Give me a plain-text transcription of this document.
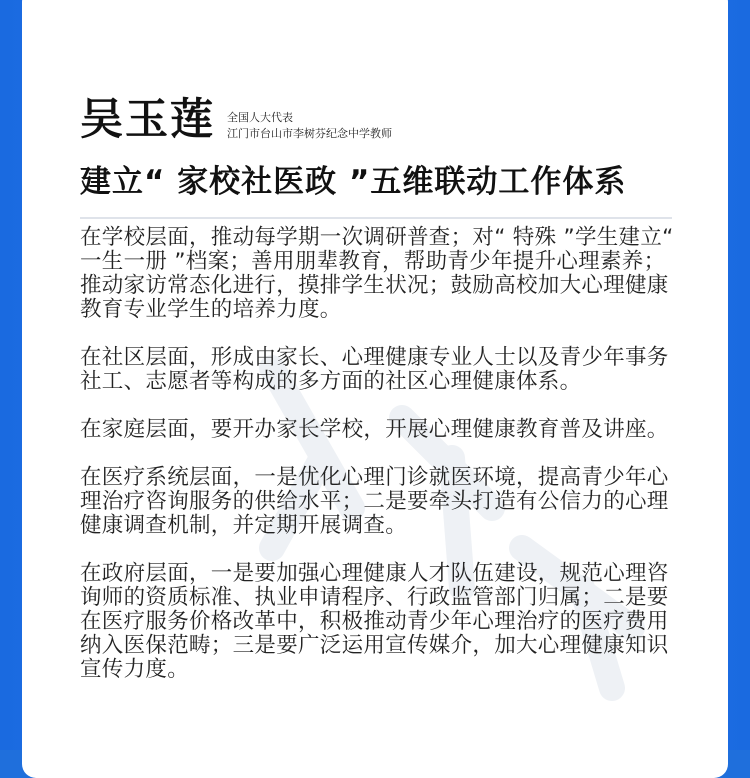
吴玉莲 全国人大代表
江门市台山市李树芬纪念中学教师
建立“ 家校社医政 ”五维联动工作体系

在学校层面，推动每学期一次调研普查；对“ 特殊 ”学生建立“ 一生一册 ”档案；善用朋辈教育，帮助青少年提升心理素养；推动家访常态化进行，摸排学生状况；鼓励高校加大心理健康教育专业学生的培养力度。

在社区层面，形成由家长、心理健康专业人士以及青少年事务社工、志愿者等构成的多方面的社区心理健康体系。

在家庭层面，要开办家长学校，开展心理健康教育普及讲座。

在医疗系统层面，一是优化心理门诊就医环境，提高青少年心理治疗咨询服务的供给水平；二是要牵头打造有公信力的心理健康调查机制，并定期开展调查。

在政府层面，一是要加强心理健康人才队伍建设，规范心理咨询师的资质标准、执业申请程序、行政监管部门归属；二是要在医疗服务价格改革中，积极推动青少年心理治疗的医疗费用纳入医保范畴；三是要广泛运用宣传媒介，加大心理健康知识宣传力度。
